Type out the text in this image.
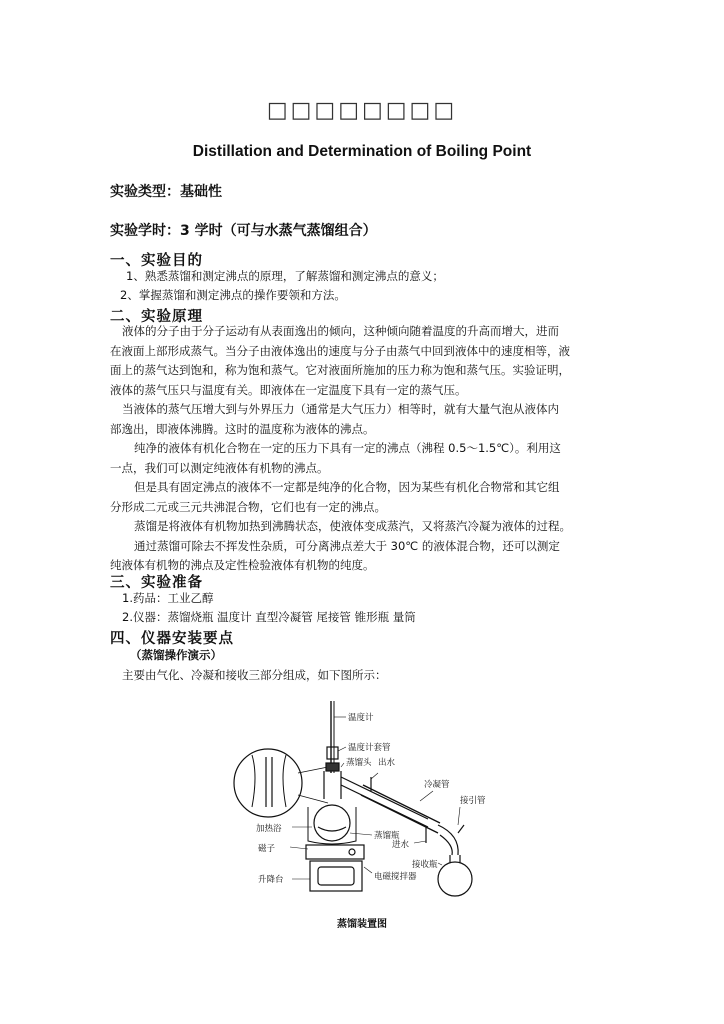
□□□□□□□□
Distillation and Determination of Boiling Point
实验类型：基础性
实验学时：3 学时（可与水蒸气蒸馏组合）
一、实验目的
1、熟悉蒸馏和测定沸点的原理，了解蒸馏和测定沸点的意义；
2、掌握蒸馏和测定沸点的操作要领和方法。
二、实验原理
液体的分子由于分子运动有从表面逸出的倾向，这种倾向随着温度的升高而增大，进而
在液面上部形成蒸气。当分子由液体逸出的速度与分子由蒸气中回到液体中的速度相等，液
面上的蒸气达到饱和，称为饱和蒸气。它对液面所施加的压力称为饱和蒸气压。实验证明，
液体的蒸气压只与温度有关。即液体在一定温度下具有一定的蒸气压。
当液体的蒸气压增大到与外界压力（通常是大气压力）相等时，就有大量气泡从液体内
部逸出，即液体沸腾。这时的温度称为液体的沸点。
纯净的液体有机化合物在一定的压力下具有一定的沸点（沸程 0.5～1.5℃）。利用这
一点，我们可以测定纯液体有机物的沸点。
但是具有固定沸点的液体不一定都是纯净的化合物，因为某些有机化合物常和其它组
分形成二元或三元共沸混合物，它们也有一定的沸点。
蒸馏是将液体有机物加热到沸腾状态，使液体变成蒸汽，又将蒸汽冷凝为液体的过程。
通过蒸馏可除去不挥发性杂质，可分离沸点差大于 30℃ 的液体混合物，还可以测定
纯液体有机物的沸点及定性检验液体有机物的纯度。
三、实验准备
1.药品：工业乙醇
2.仪器：蒸馏烧瓶 温度计 直型冷凝管 尾接管 锥形瓶 量筒
四、仪器安装要点
（蒸馏操作演示）
主要由气化、冷凝和接收三部分组成，如下图所示：
温度计
温度计套管
蒸馏头 出水
冷凝管
接引管
加热浴
蒸馏瓶
磁子	进水
接收瓶
升降台	电磁搅拌器
蒸馏装置图
